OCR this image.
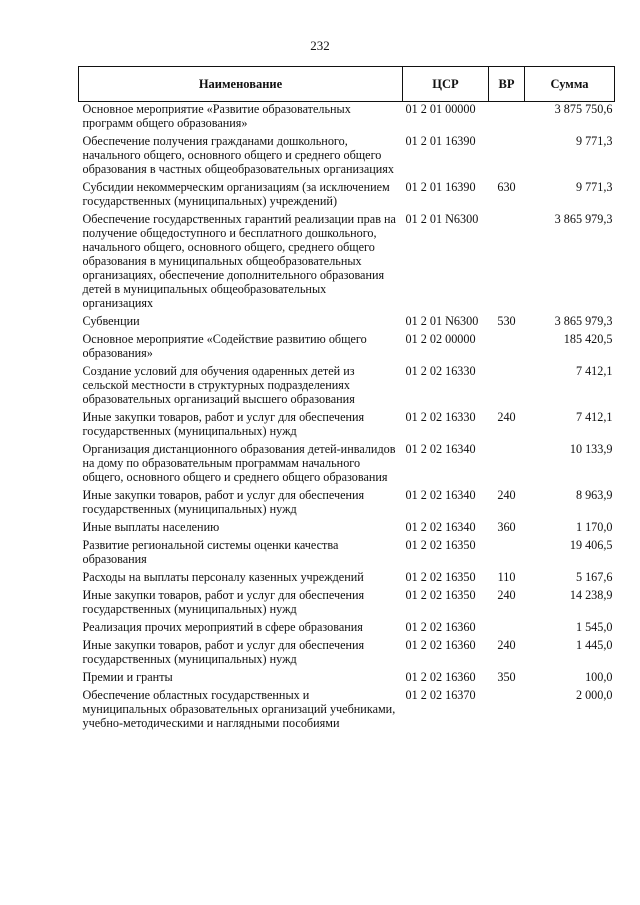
232
Наименование	ЦСР	ВР	Сумма
Основное мероприятие «Развитие образовательных программ общего образования»	01 2 01 00000		3 875 750,6
Обеспечение получения гражданами дошкольного, начального общего, основного общего и среднего общего образования в частных общеобразовательных организациях	01 2 01 16390		9 771,3
Субсидии некоммерческим организациям (за исключением государственных (муниципальных) учреждений)	01 2 01 16390	630	9 771,3
Обеспечение государственных гарантий реализации прав на получение общедоступного и бесплатного дошкольного, начального общего, основного общего, среднего общего образования в муниципальных общеобразовательных организациях, обеспечение дополнительного образования детей в муниципальных общеобразовательных организациях	01 2 01 N6300		3 865 979,3
Субвенции	01 2 01 N6300	530	3 865 979,3
Основное мероприятие «Содействие развитию общего образования»	01 2 02 00000		185 420,5
Создание условий для обучения одаренных детей из сельской местности в структурных подразделениях образовательных организаций высшего образования	01 2 02 16330		7 412,1
Иные закупки товаров, работ и услуг для обеспечения государственных (муниципальных) нужд	01 2 02 16330	240	7 412,1
Организация дистанционного образования детей-инвалидов на дому по образовательным программам начального общего, основного общего и среднего общего образования	01 2 02 16340		10 133,9
Иные закупки товаров, работ и услуг для обеспечения государственных (муниципальных) нужд	01 2 02 16340	240	8 963,9
Иные выплаты населению	01 2 02 16340	360	1 170,0
Развитие региональной системы оценки качества образования	01 2 02 16350		19 406,5
Расходы на выплаты персоналу казенных учреждений	01 2 02 16350	110	5 167,6
Иные закупки товаров, работ и услуг для обеспечения государственных (муниципальных) нужд	01 2 02 16350	240	14 238,9
Реализация прочих мероприятий в сфере образования	01 2 02 16360		1 545,0
Иные закупки товаров, работ и услуг для обеспечения государственных (муниципальных) нужд	01 2 02 16360	240	1 445,0
Премии и гранты	01 2 02 16360	350	100,0
Обеспечение областных государственных и муниципальных образовательных организаций учебниками, учебно-методическими и наглядными пособиями	01 2 02 16370		2 000,0
